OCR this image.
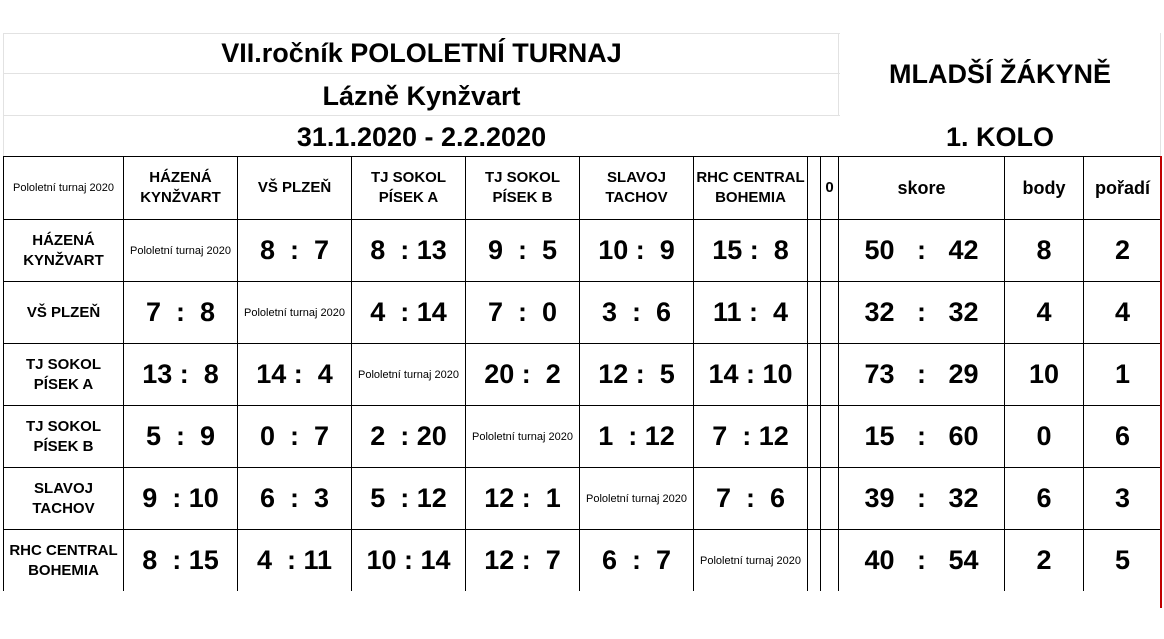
VII.ročník POLOLETNÍ TURNAJ
Lázně Kynžvart
31.1.2020 - 2.2.2020
MLADŠÍ ŽÁKYNĚ
1. KOLO
Pololetní turnaj 2020	HÁZENÁ KYNŽVART	VŠ PLZEŇ	TJ SOKOL PÍSEK A	TJ SOKOL PÍSEK B	SLAVOJ TACHOV	RHC CENTRAL BOHEMIA		0	skore	body	pořadí
HÁZENÁ KYNŽVART	Pololetní turnaj 2020	8  :  7	8  : 13	9  :  5	10 :  9	15 :  8			50   :   42	8	2
VŠ PLZEŇ	7  :  8	Pololetní turnaj 2020	4  : 14	7  :  0	3  :  6	11 :  4			32   :   32	4	4
TJ SOKOL PÍSEK A	13 :  8	14 :  4	Pololetní turnaj 2020	20 :  2	12 :  5	14 : 10			73   :   29	10	1
TJ SOKOL PÍSEK B	5  :  9	0  :  7	2  : 20	Pololetní turnaj 2020	1  : 12	7  : 12			15   :   60	0	6
SLAVOJ TACHOV	9  : 10	6  :  3	5  : 12	12 :  1	Pololetní turnaj 2020	7  :  6			39   :   32	6	3
RHC CENTRAL BOHEMIA	8  : 15	4  : 11	10 : 14	12 :  7	6  :  7	Pololetní turnaj 2020			40   :   54	2	5
